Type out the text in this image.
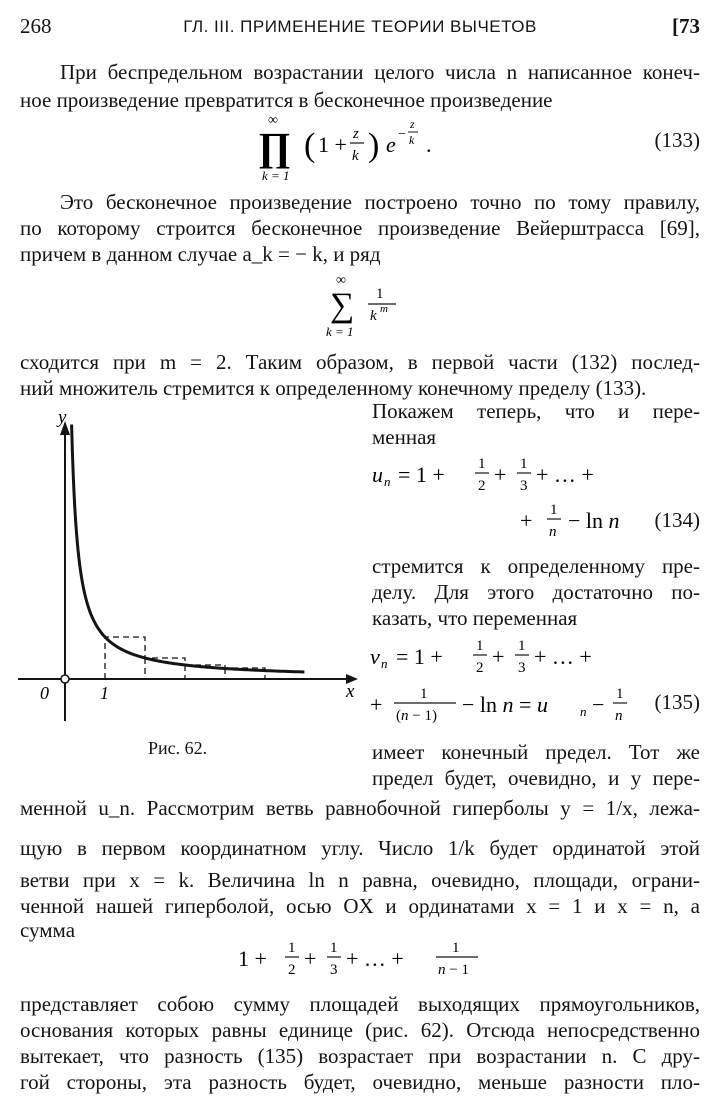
268	ГЛ. III. ПРИМЕНЕНИЕ ТЕОРИИ ВЫЧЕТОВ	[73
При беспредельном возрастании целого числа n написанное конеч-
ное произведение превратится в бесконечное произведение
∞
∏
k = 1
( 1 + z
k ) e −
z
k .	(133)
Это бесконечное произведение построено точно по тому правилу,
по которому строится бесконечное произведение Вейерштрасса [69],
причем в данном случае a_k = − k, и ряд
∞
∑
k = 1
1
k m
сходится при m = 2. Таким образом, в первой части (132) послед-
ний множитель стремится к определенному конечному пределу (133).
y
x
0	1
Рис. 62.
Покажем теперь, что и пере-
менная
u n = 1 + 1
2 + 1
3 + … +
+ 1
n − ln n (134)
стремится к определенному пре-
делу. Для этого достаточно по-
казать, что переменная
v n = 1 + 1
2 + 1
3 + … +
+	1
(n − 1) − ln n = u n − 1
n
(135)
имеет конечный предел. Тот же
предел будет, очевидно, и у пере-
менной u_n. Рассмотрим ветвь равнобочной гиперболы y = 1/x, лежа-
щую в первом координатном углу. Число 1/k будет ординатой этой
ветви при x = k. Величина ln n равна, очевидно, площади, ограни-
ченной нашей гиперболой, осью OX и ординатами x = 1 и x = n, а
сумма
1 + 1
2 + 1
3 + … +	1
n − 1
представляет собою сумму площадей выходящих прямоугольников,
основания которых равны единице (рис. 62). Отсюда непосредственно
вытекает, что разность (135) возрастает при возрастании n. С дру-
гой стороны, эта разность будет, очевидно, меньше разности пло-
